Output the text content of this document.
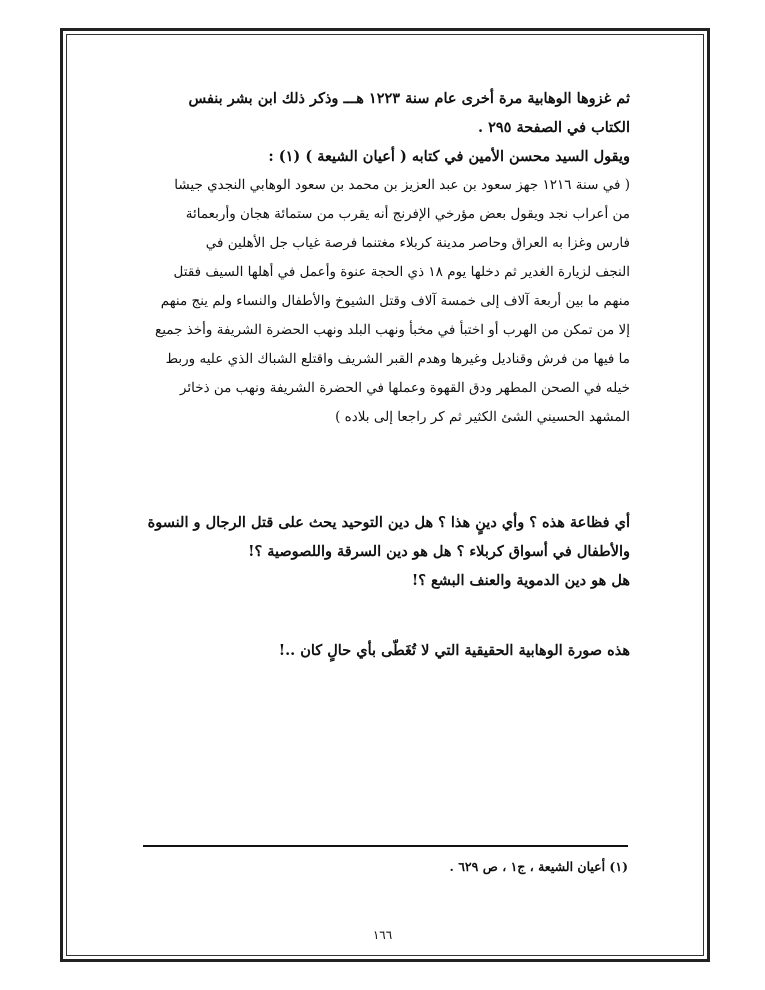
ثم غزوها الوهابية مرة أخرى عام سنة ١٢٢٣ هـــ وذكر ذلك ابن بشر بنفس
الكتاب في الصفحة ٢٩٥ .
ويقول السيد محسن الأمين في كتابه ( أعيان الشيعة ) (١) :
( في سنة ١٢١٦ جهز سعود بن عبد العزيز بن محمد بن سعود الوهابي النجدي جيشا
من أعراب نجد ويقول بعض مؤرخي الإفرنج أنه يقرب من ستمائة هجان وأربعمائة
فارس وغزا به العراق وحاصر مدينة كربلاء مغتنما فرصة غياب جل الأهلين في
النجف لزيارة الغدير ثم دخلها يوم ١٨ ذي الحجة عنوة وأعمل في أهلها السيف فقتل
منهم ما بين أربعة آلاف إلى خمسة آلاف وقتل الشيوخ والأطفال والنساء ولم ينج منهم
إلا من تمكن من الهرب أو اختبأ في مخبأ ونهب البلد ونهب الحضرة الشريفة وأخذ جميع
ما فيها من فرش وقناديل وغيرها وهدم القبر الشريف واقتلع الشباك الذي عليه وربط
خيله في الصحن المطهر ودق القهوة وعملها في الحضرة الشريفة ونهب من ذخائر
المشهد الحسيني الشئ الكثير ثم كر راجعا إلى بلاده )
أي فظاعة هذه ؟ وأي دينٍ هذا ؟ هل دين التوحيد يحث على قتل الرجال و النسوة
والأطفال في أسواق كربلاء ؟ هل هو دين السرقة واللصوصية ؟!
هل هو دين الدموية والعنف البشع ؟!
هذه صورة الوهابية الحقيقية التي لا تُغَطّى بأي حالٍ كان ..!
(١) أعيان الشيعة ، ج١ ، ص ٦٢٩ .
١٦٦
